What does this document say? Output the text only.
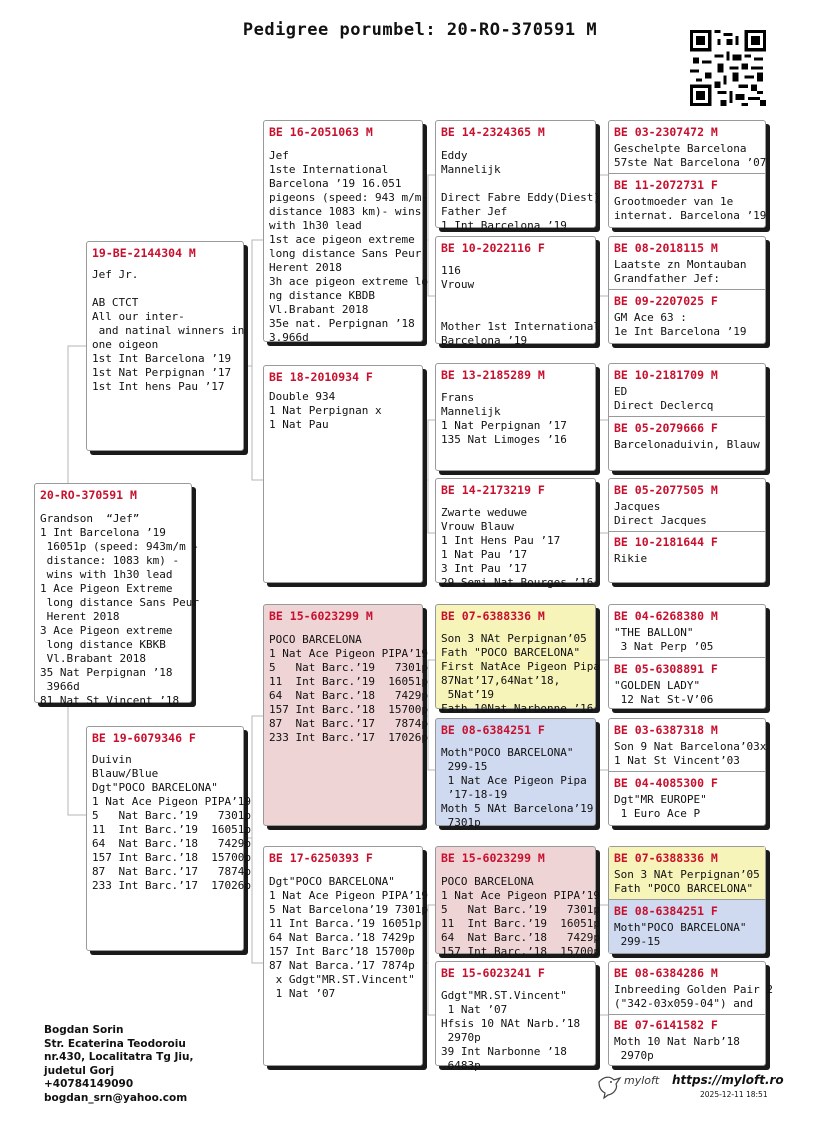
Pedigree porumbel: 20-RO-370591 M
20-RO-370591 M
Grandson  “Jef”
1 Int Barcelona ’19
16051p (speed: 943m/m -
distance: 1083 km) -
wins with 1h30 lead
1 Ace Pigeon Extreme
long distance Sans Peur
Herent 2018
3 Ace Pigeon extreme
long distance KBKB
Vl.Brabant 2018
35 Nat Perpignan ’18
3966d
81 Nat St Vincent ’18
19-BE-2144304 M
Jef Jr.

AB CTCT
All our inter-
and natinal winners in
one oigeon
1st Int Barcelona ’19
1st Nat Perpignan ’17
1st Int hens Pau ’17
BE 19-6079346 F
Duivin
Blauw/Blue
Dgt"POCO BARCELONA"
1 Nat Ace Pigeon PIPA’19
5   Nat Barc.’19   7301p
11  Int Barc.’19  16051p
64  Nat Barc.’18   7429p
157 Int Barc.’18  15700p
87  Nat Barc.’17   7874p
233 Int Barc.’17  17026p
BE 16-2051063 M
Jef
1ste International
Barcelona ’19 16.051
pigeons (speed: 943 m/m-
distance 1083 km)- wins
with 1h30 lead
1st ace pigeon extreme
long distance Sans Peur
Herent 2018
3h ace pigeon extreme lo
ng distance KBDB
Vl.Brabant 2018
35e nat. Perpignan ’18
3.966d
BE 18-2010934 F
Double 934
1 Nat Perpignan x
1 Nat Pau
BE 15-6023299 M
POCO BARCELONA
1 Nat Ace Pigeon PIPA’19
5   Nat Barc.’19   7301p
11  Int Barc.’19  16051p
64  Nat Barc.’18   7429p
157 Int Barc.’18  15700p
87  Nat Barc.’17   7874p
233 Int Barc.’17  17026p
BE 17-6250393 F
Dgt"POCO BARCELONA"
1 Nat Ace Pigeon PIPA’19
5 Nat Barcelona’19 7301p
11 Int Barca.’19 16051p
64 Nat Barca.’18 7429p
157 Int Barc’18 15700p
87 Nat Barca.’17 7874p
x Gdgt"MR.ST.Vincent"
1 Nat ’07
BE 14-2324365 M
Eddy
Mannelijk

Direct Fabre Eddy(Diest)
Father Jef
1 Int Barcelona ’19
BE 10-2022116 F
116
Vrouw

Mother 1st International
Barcelona ’19
BE 13-2185289 M
Frans
Mannelijk
1 Nat Perpignan ’17
135 Nat Limoges ’16
BE 14-2173219 F
Zwarte weduwe
Vrouw Blauw
1 Int Hens Pau ’17
1 Nat Pau ’17
3 Int Pau ’17
29 Semi Nat Bourges ’16
BE 07-6388336 M
Son 3 NAt Perpignan’05
Fath "POCO BARCELONA"
First NatAce Pigeon Pipa
87Nat’17,64Nat’18,
5Nat’19
Fath 10Nat Narbonne ’16
BE 08-6384251 F
Moth"POCO BARCELONA"
299-15
1 Nat Ace Pigeon Pipa
’17-18-19
Moth 5 NAt Barcelona’19
7301p
BE 15-6023299 M
POCO BARCELONA
1 Nat Ace Pigeon PIPA’19
5   Nat Barc.’19   7301p
11  Int Barc.’19  16051p
64  Nat Barc.’18   7429p
157 Int Barc.’18  15700p
BE 15-6023241 F
Gdgt"MR.ST.Vincent"
1 Nat ’07
Hfsis 10 NAt Narb.’18
2970p
39 Int Narbonne ’18
6483p
BE 03-2307472 M
Geschelpte Barcelona
57ste Nat Barcelona ’07
BE 11-2072731 F
Grootmoeder van 1e
internat. Barcelona ’19
BE 08-2018115 M
Laatste zn Montauban
Grandfather Jef:
BE 09-2207025 F
GM Ace 63 :
1e Int Barcelona ’19
BE 10-2181709 M
ED
Direct Declercq
BE 05-2079666 F
Barcelonaduivin, Blauw
BE 05-2077505 M
Jacques
Direct Jacques
BE 10-2181644 F
Rikie
BE 04-6268380 M
"THE BALLON"
3 Nat Perp ’05
BE 05-6308891 F
"GOLDEN LADY"
12 Nat St-V’06
BE 03-6387318 M
Son 9 Nat Barcelona’03x
1 Nat St Vincent’03
BE 04-4085300 F
Dgt"MR EUROPE"
1 Euro Ace P
BE 07-6388336 M
Son 3 NAt Perpignan’05
Fath "POCO BARCELONA"
BE 08-6384251 F
Moth"POCO BARCELONA"
299-15
BE 08-6384286 M
Inbreeding Golden Pair 2
("342-03x059-04") and
BE 07-6141582 F
Moth 10 Nat Narb’18
2970p
Bogdan Sorin
Str. Ecaterina Teodoroiu
nr.430, Localitatra Tg Jiu,
judetul Gorj
+40784149090
bogdan_srn@yahoo.com
myloft https://myloft.ro
2025-12-11 18:51
